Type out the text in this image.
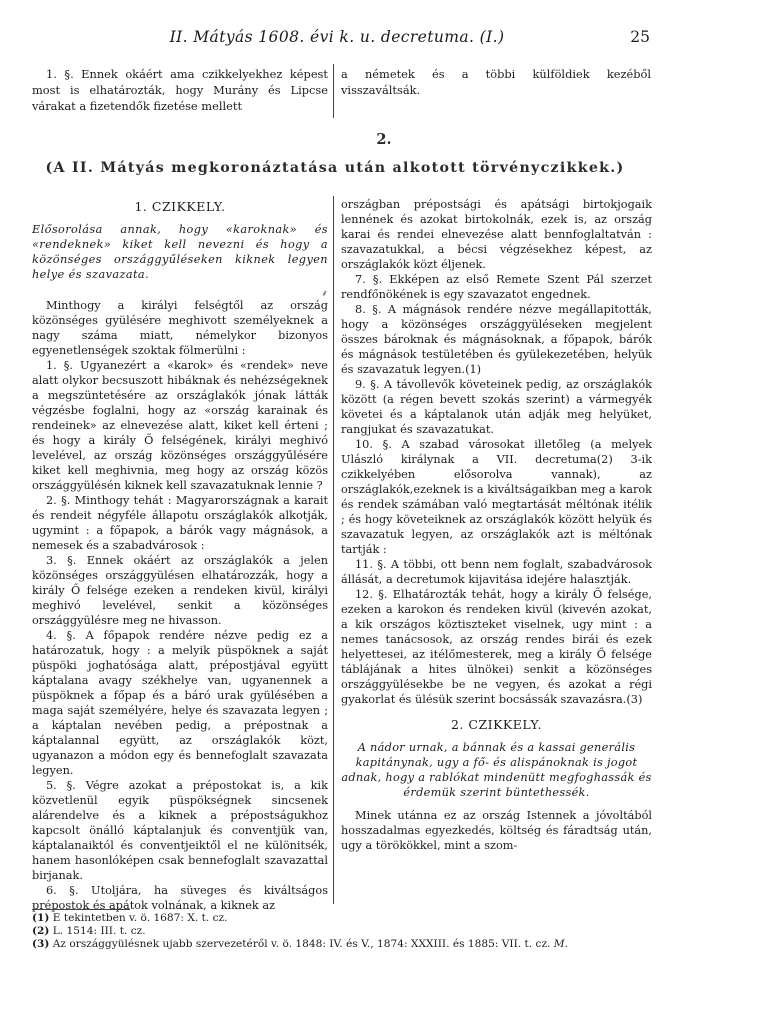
II. Mátyás 1608. évi k. u. decretuma. (I.)	25

1. §. Ennek okáért ama czikkelyekhez képest most is elhatározták, hogy Murány és Lipcse várakat a fizetendők fizetése mellett

a németek és a többi külföldiek kezéből visszaváltsák.

2.
(A II. Mátyás megkoronáztatása után alkotott törvényczikkek.)

1. CZIKKELY.

Elősorolása annak, hogy «karoknak» és «rendeknek» kiket kell nevezni és hogy a közönséges országgyűléseken kiknek legyen helye és szavazata.

⸙

Minthogy a királyi felségtől az ország közönséges gyülésére meghivott személyeknek a nagy száma miatt, némelykor bizonyos egyenetlenségek szoktak fölmerülni :

1. §. Ugyanezért a «karok» és «rendek» neve alatt olykor becsuszott hibáknak és nehézségeknek a megszüntetésére az országlakók jónak látták végzésbe foglalni, hogy az «ország karainak és rendeinek» az elnevezése alatt, kiket kell érteni ; és hogy a király Ő felségének, királyi meghivó levelével, az ország közönséges országgyűlésére kiket kell meghivnia, meg hogy az ország közös országgyülésén kiknek kell szavazatuknak lennie ?

2. §. Minthogy tehát : Magyarországnak a karait és rendeit négyféle állapotu országlakók alkotják, ugymint : a főpapok, a bárók vagy mágnások, a nemesek és a szabadvárosok :

3. §. Ennek okáért az országlakók a jelen közönséges országgyülésen elhatározzák, hogy a király Ő felsége ezeken a rendeken kivül, királyi meghivó levelével, senkit a közönséges országgyülésre meg ne hivasson.

4. §. A főpapok rendére nézve pedig ez a határozatuk, hogy : a melyik püspöknek a saját püspöki joghatósága alatt, prépostjával együtt káptalana avagy székhelye van, ugyanennek a püspöknek a főpap és a báró urak gyülésében a maga saját személyére, helye és szavazata legyen ; a káptalan nevében pedig, a prépostnak a káptalannal együtt, az országlakók közt, ugyanazon a módon egy és bennefoglalt szavazata legyen.

5. §. Végre azokat a prépostokat is, a kik közvetlenül egyik püspökségnek sincsenek alárendelve és a kiknek a prépostságukhoz kapcsolt önálló káptalanjuk és conventjük van, káptalanaiktól és conventjeiktől el ne különitsék, hanem hasonlóképen csak bennefoglalt szavazattal birjanak.

6. §. Utoljára, ha süveges és kiváltságos prépostok és apátok volnának, a kiknek az

országban prépostsági és apátsági birtokjogaik lennének és azokat birtokolnák, ezek is, az ország karai és rendei elnevezése alatt bennfoglaltatván : szavazatukkal, a bécsi végzésekhez képest, az országlakók közt éljenek.

7. §. Ekképen az első Remete Szent Pál szerzet rendfőnökének is egy szavazatot engednek.

8. §. A mágnások rendére nézve megállapitották, hogy a közönséges országgyüléseken megjelent összes bároknak és mágnásoknak, a főpapok, bárók és mágnások testületében és gyülekezetében, helyük és szavazatuk legyen.(1)

9. §. A távollevők követeinek pedig, az országlakók között (a régen bevett szokás szerint) a vármegyék követei és a káptalanok után adják meg helyüket, rangjukat és szavazatukat.

10. §. A szabad városokat illetőleg (a melyek Ulászló királynak a VII. decretuma(2) 3-ik czikkelyében elősorolva vannak), az országlakók,ezeknek is a kiváltságaikban meg a karok és rendek számában való megtartását méltónak itélik ; és hogy követeiknek az országlakók között helyük és szavazatuk legyen, az országlakók azt is méltónak tartják :

11. §. A többi, ott benn nem foglalt, szabadvárosok állását, a decretumok kijavitása idejére halasztják.

12. §. Elhatározták tehát, hogy a király Ő felsége, ezeken a karokon és rendeken kivül (kivevén azokat, a kik országos köztiszteket viselnek, ugy mint : a nemes tanácsosok, az ország rendes birái és ezek helyettesei, az itélőmesterek, meg a király Ő felsége táblájának a hites ülnökei) senkit a közönséges országgyülésekbe be ne vegyen, és azokat a régi gyakorlat és ülésük szerint bocsássák szavazásra.(3)

2. CZIKKELY.

A nádor urnak, a bánnak és a kassai generális kapitánynak, ugy a fő- és alispánoknak is jogot adnak, hogy a rablókat mindenütt megfoghassák és érdemük szerint büntethessék.

Minek utánna ez az ország Istennek a jóvoltából hosszadalmas egyezkedés, költség és fáradtság után, ugy a törökökkel, mint a szom-

(1) E tekintetben v. ö. 1687: X. t. cz.
(2) L. 1514: III. t. cz.
(3) Az országgyülésnek ujabb szervezetéről v. ö. 1848: IV. és V., 1874: XXXIII. és 1885: VII. t. cz. M.
